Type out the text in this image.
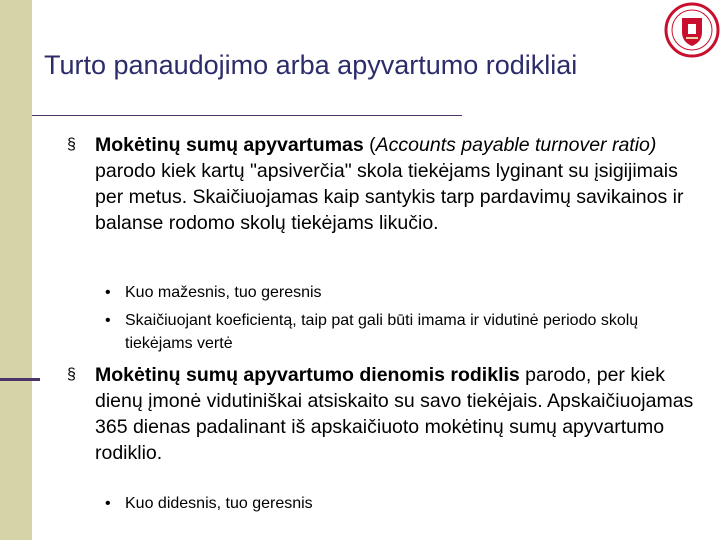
Turto panaudojimo arba apyvartumo rodikliai
§ Mokėtinų sumų apyvartumas (Accounts payable turnover ratio) parodo kiek kartų "apsiverčia" skola tiekėjams lyginant su įsigijimais per metus. Skaičiuojamas kaip santykis tarp pardavimų savikainos ir balanse rodomo skolų tiekėjams likučio.
• Kuo mažesnis, tuo geresnis
• Skaičiuojant koeficientą, taip pat gali būti imama ir vidutinė periodo skolų tiekėjams vertė
§ Mokėtinų sumų apyvartumo dienomis rodiklis parodo, per kiek dienų įmonė vidutiniškai atsiskaito su savo tiekėjais. Apskaičiuojamas 365 dienas padalinant iš apskaičiuoto mokėtinų sumų apyvartumo rodiklio.
• Kuo didesnis, tuo geresnis
